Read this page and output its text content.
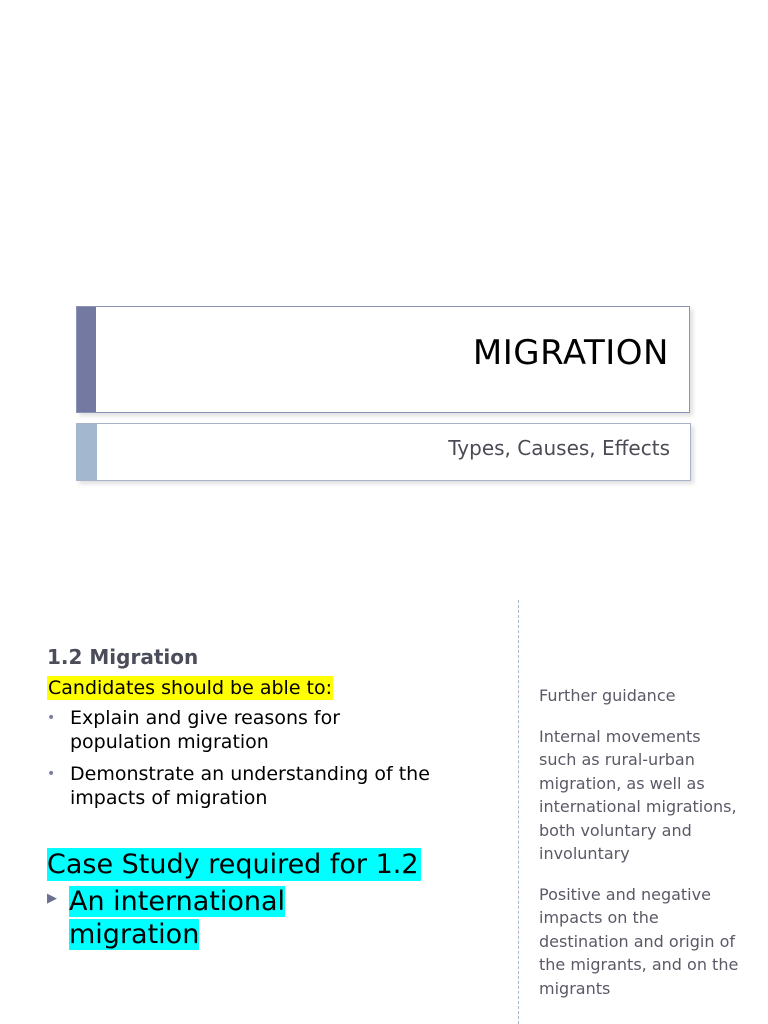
MIGRATION
Types, Causes, Effects
1.2 Migration
Candidates should be able to:
• Explain and give reasons for population migration
• Demonstrate an understanding of the impacts of migration
Case Study required for 1.2
▶ An international migration

Further guidance

Internal movements such as rural-urban migration, as well as international migrations, both voluntary and involuntary

Positive and negative impacts on the destination and origin of the migrants, and on the migrants
